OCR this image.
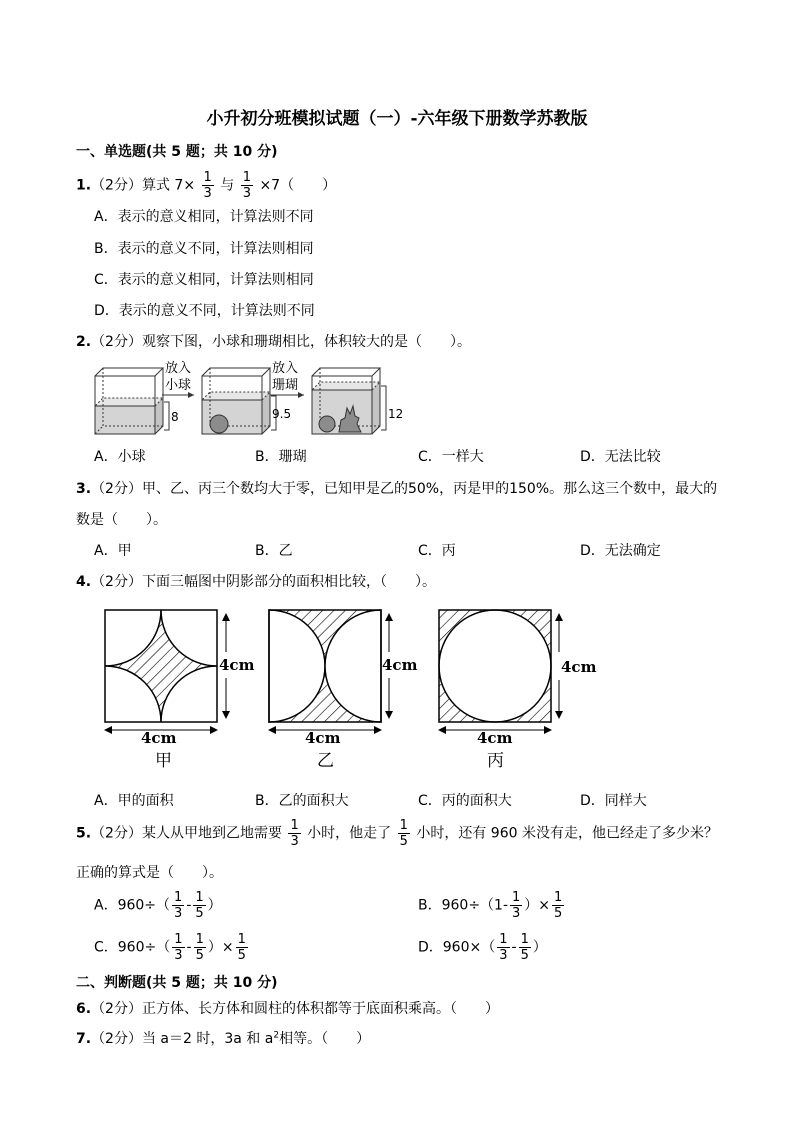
小升初分班模拟试题（一）-六年级下册数学苏教版
一、单选题(共 5 题；共 10 分)
1.（2分）算式 $7\times \frac{1}{3}$ 与 $\frac{1}{3} \times 7$（　　）
A．表示的意义相同，计算法则不同
B．表示的意义不同，计算法则相同
C．表示的意义相同，计算法则相同
D．表示的意义不同，计算法则不同
2.（2分）观察下图，小球和珊瑚相比，体积较大的是（　　）。
8
放入
小球
9.5
放入
珊瑚
12
A．小球	B．珊瑚	C．一样大	D．无法比较
3.（2分）甲、乙、丙三个数均大于零，已知甲是乙的50%，丙是甲的150%。那么这三个数中，最大的
数是（　　）。
A．甲	B．乙	C．丙	D．无法确定
4.（2分）下面三幅图中阴影部分的面积相比较，（　　）。
4cm
4cm
甲
4cm
4cm
乙
4cm
4cm
丙
A．甲的面积	B．乙的面积大	C．丙的面积大	D．同样大
5.（2分）某人从甲地到乙地需要 $\frac{1}{3}$ 小时，他走了 $\frac{1}{5}$ 小时，还有 960 米没有走，他已经走了多少米？
正确的算式是（　　）。
A．$960\div( \frac{1}{3} - \frac{1}{5}$ ）	B．$960\div(1- \frac{1}{3}$ ）× $\frac{1}{5}$
C．$960\div( \frac{1}{3} - \frac{1}{5}$ ）× $\frac{1}{5}$	D．$960\times( \frac{1}{3} - \frac{1}{5}$ ）
二、判断题(共 5 题；共 10 分)
6.（2分）正方体、长方体和圆柱的体积都等于底面积乘高。（　　）
7.（2分）当 a＝2 时，3a 和 $a^2$相等。（　　）
